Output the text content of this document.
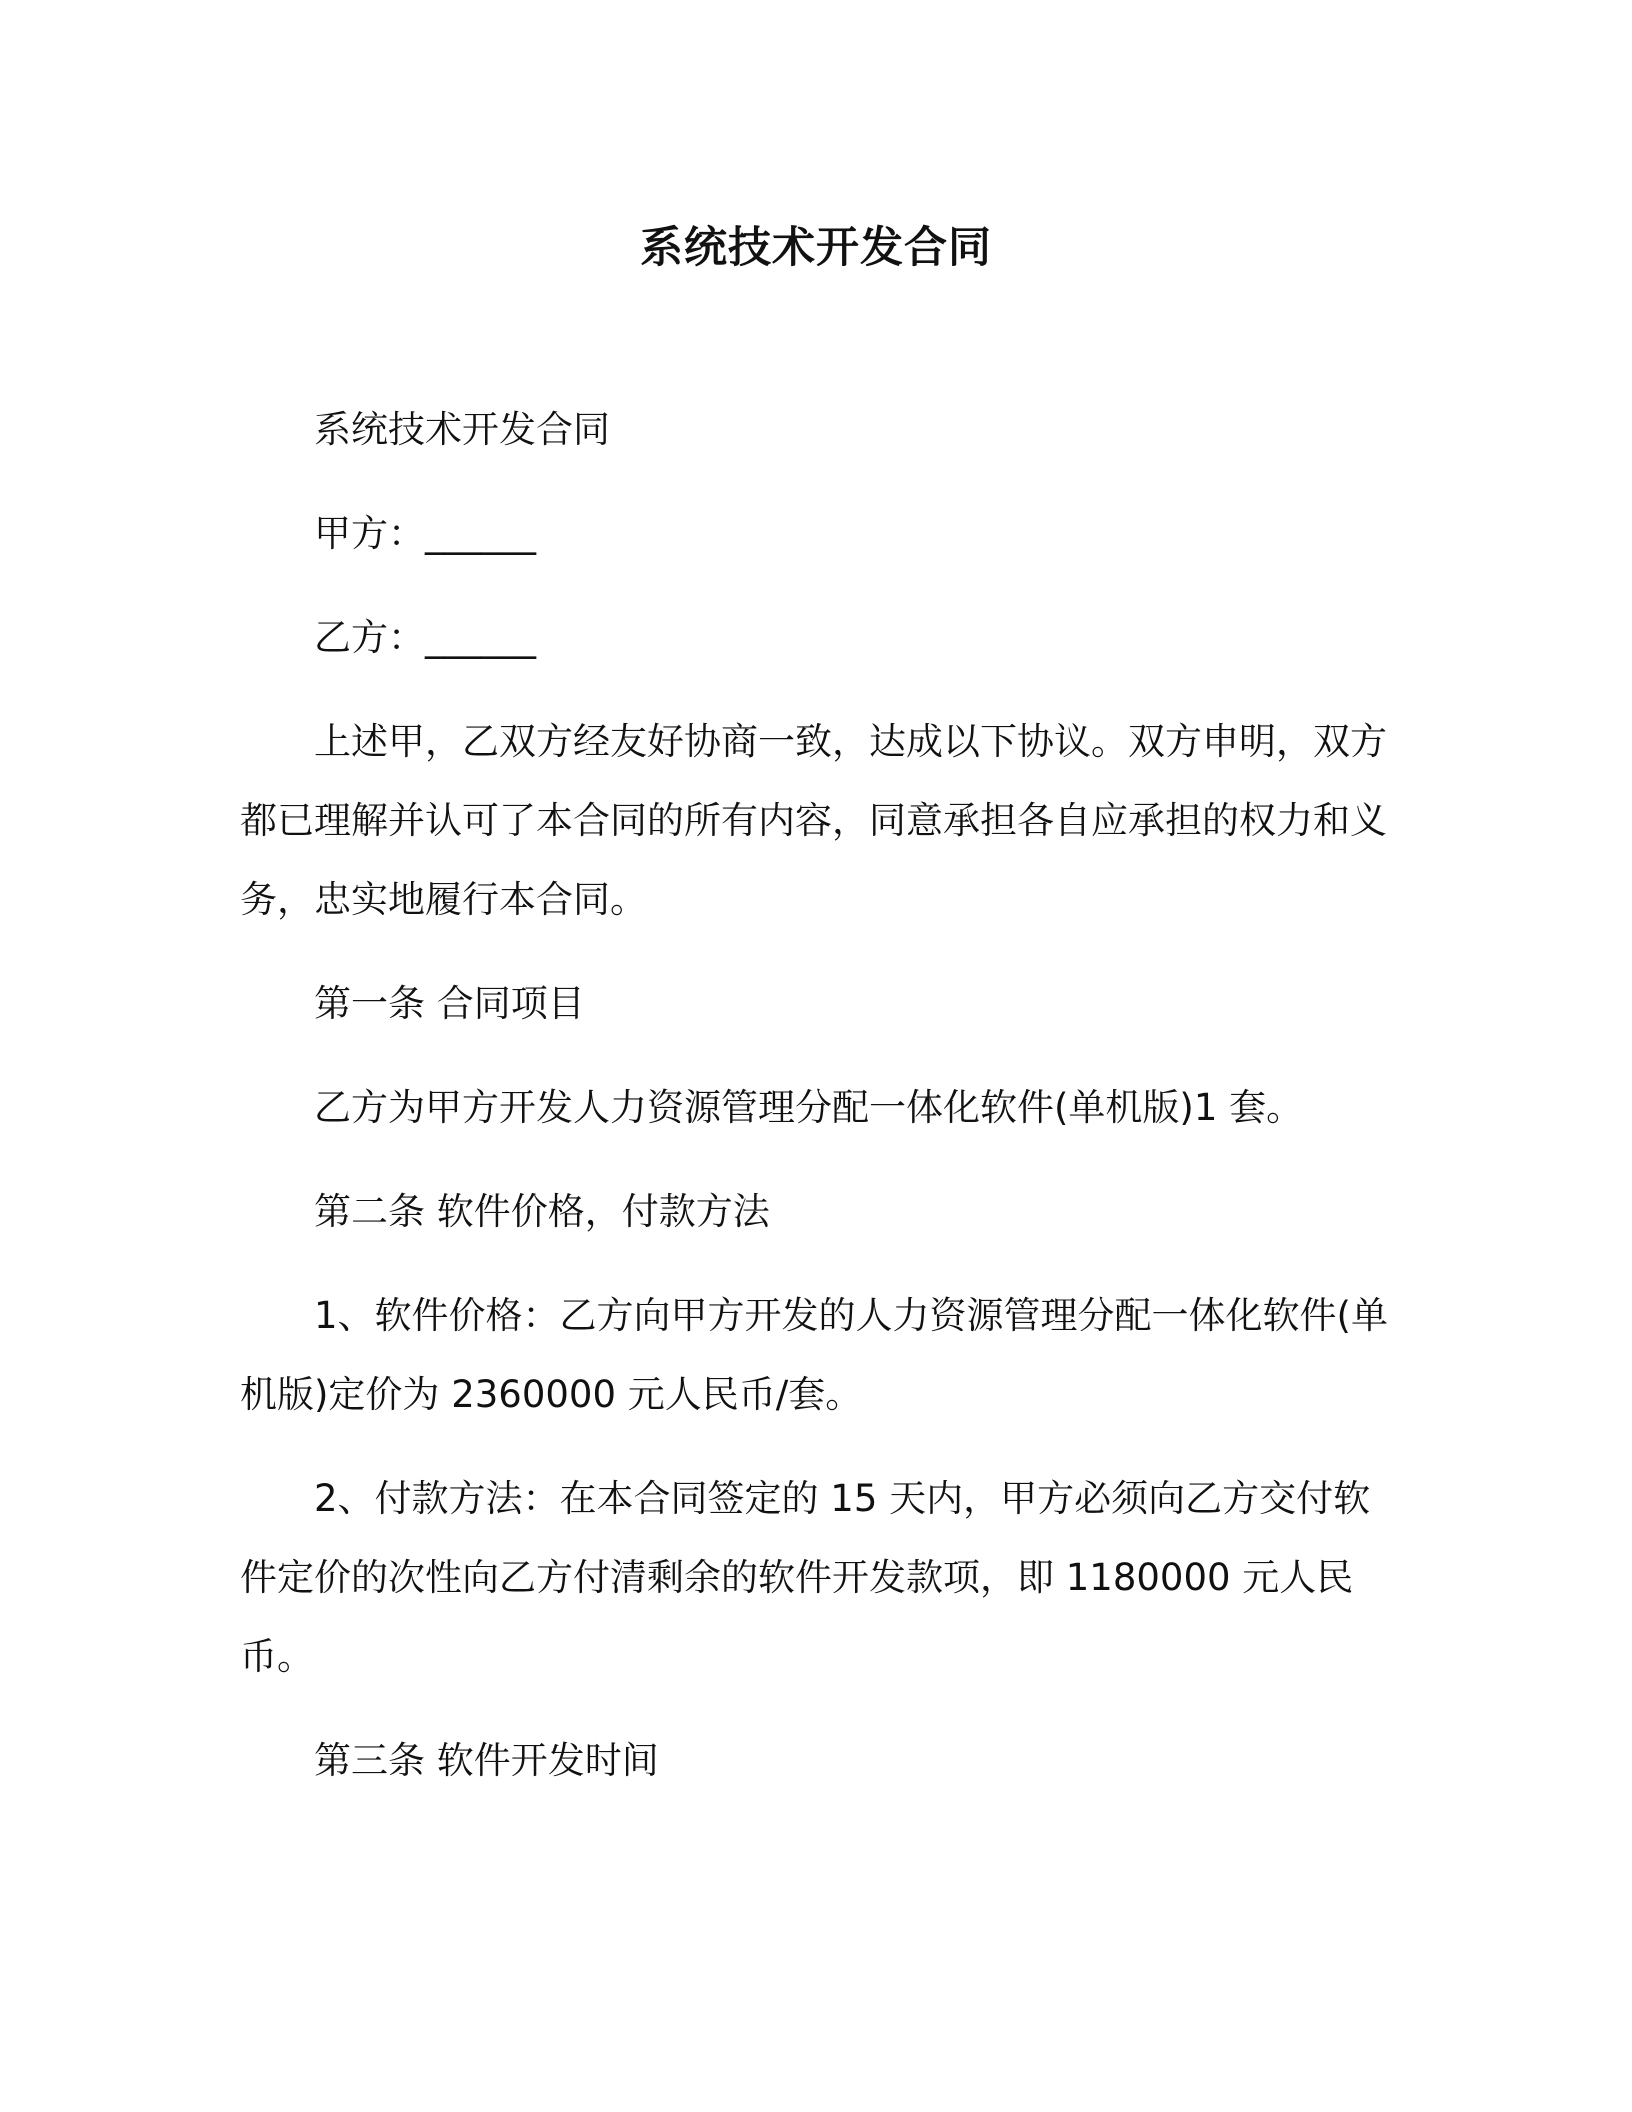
系统技术开发合同

系统技术开发合同

甲方：______

乙方：______

上述甲，乙双方经友好协商一致，达成以下协议。双方申明，双方都已理解并认可了本合同的所有内容，同意承担各自应承担的权力和义务，忠实地履行本合同。

第一条 合同项目

乙方为甲方开发人力资源管理分配一体化软件(单机版)1 套。

第二条 软件价格，付款方法

1、软件价格：乙方向甲方开发的人力资源管理分配一体化软件(单机版)定价为 2360000 元人民币/套。

2、付款方法：在本合同签定的 15 天内，甲方必须向乙方交付软件定价的次性向乙方付清剩余的软件开发款项，即 1180000 元人民币。

第三条 软件开发时间
